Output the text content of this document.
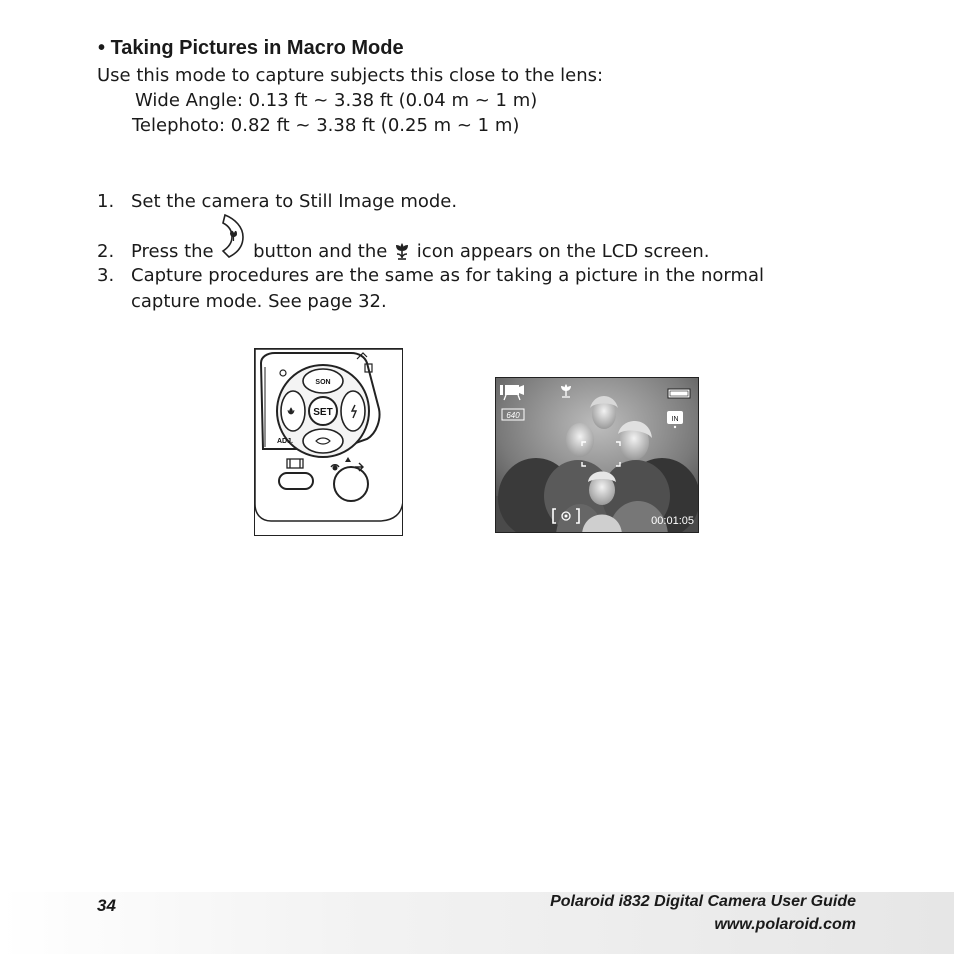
• Taking Pictures in Macro Mode
Use this mode to capture subjects this close to the lens:
Wide Angle: 0.13 ft ~ 3.38 ft (0.04 m ~ 1 m)
Telephoto: 0.82 ft ~ 3.38 ft (0.25 m ~ 1 m)
1. Set the camera to Still Image mode.
2. Press the button and the icon appears on the LCD screen.
3. Capture procedures are the same as for taking a picture in the normal
capture mode. See page 32.
SET
SON
ADJ.
640	IN
00:01:05
34	Polaroid i832 Digital Camera User Guide
www.polaroid.com
